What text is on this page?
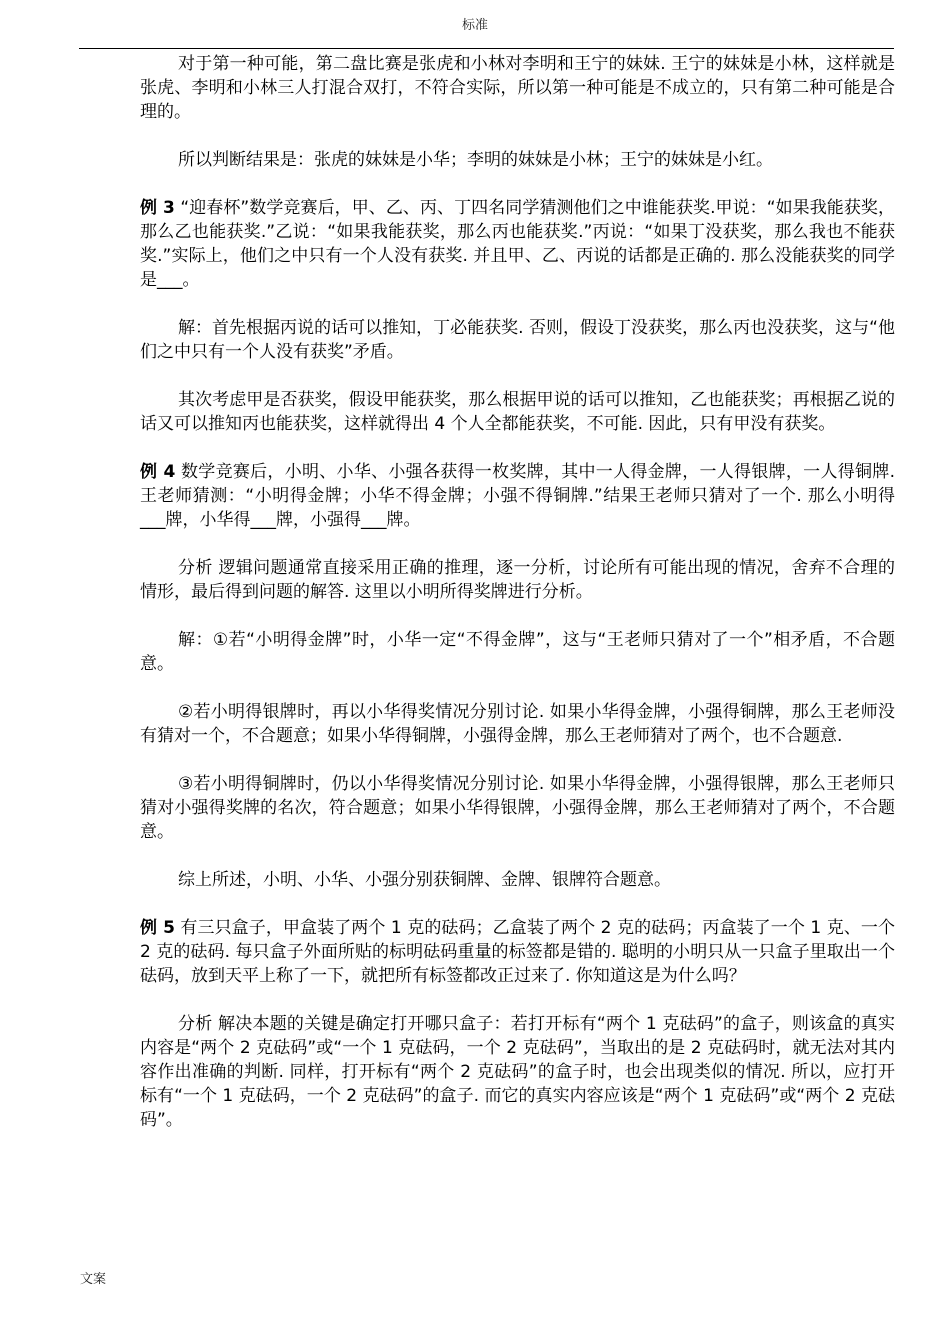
标准

对于第一种可能，第二盘比赛是张虎和小林对李明和王宁的妹妹. 王宁的妹妹是小林，这样就是张虎、李明和小林三人打混合双打，不符合实际，所以第一种可能是不成立的，只有第二种可能是合理的。

所以判断结果是：张虎的妹妹是小华；李明的妹妹是小林；王宁的妹妹是小红。

例 3 “迎春杯”数学竞赛后，甲、乙、丙、丁四名同学猜测他们之中谁能获奖.甲说：“如果我能获奖，那么乙也能获奖.”乙说：“如果我能获奖，那么丙也能获奖.”丙说：“如果丁没获奖，那么我也不能获奖.”实际上，他们之中只有一个人没有获奖. 并且甲、乙、丙说的话都是正确的. 那么没能获奖的同学是___。

解：首先根据丙说的话可以推知，丁必能获奖. 否则，假设丁没获奖，那么丙也没获奖，这与“他们之中只有一个人没有获奖”矛盾。

其次考虑甲是否获奖，假设甲能获奖，那么根据甲说的话可以推知，乙也能获奖；再根据乙说的话又可以推知丙也能获奖，这样就得出 4 个人全都能获奖，不可能. 因此，只有甲没有获奖。

例 4 数学竞赛后，小明、小华、小强各获得一枚奖牌，其中一人得金牌，一人得银牌，一人得铜牌. 王老师猜测：“小明得金牌；小华不得金牌；小强不得铜牌.”结果王老师只猜对了一个. 那么小明得___牌，小华得___牌，小强得___牌。

分析 逻辑问题通常直接采用正确的推理，逐一分析，讨论所有可能出现的情况，舍弃不合理的情形，最后得到问题的解答. 这里以小明所得奖牌进行分析。

解：①若“小明得金牌”时，小华一定“不得金牌”，这与“王老师只猜对了一个”相矛盾，不合题意。

②若小明得银牌时，再以小华得奖情况分别讨论. 如果小华得金牌，小强得铜牌，那么王老师没有猜对一个，不合题意；如果小华得铜牌，小强得金牌，那么王老师猜对了两个，也不合题意.

③若小明得铜牌时，仍以小华得奖情况分别讨论. 如果小华得金牌，小强得银牌，那么王老师只猜对小强得奖牌的名次，符合题意；如果小华得银牌，小强得金牌，那么王老师猜对了两个，不合题意。

综上所述，小明、小华、小强分别获铜牌、金牌、银牌符合题意。

例 5 有三只盒子，甲盒装了两个 1 克的砝码；乙盒装了两个 2 克的砝码；丙盒装了一个 1 克、一个 2 克的砝码. 每只盒子外面所贴的标明砝码重量的标签都是错的. 聪明的小明只从一只盒子里取出一个砝码，放到天平上称了一下，就把所有标签都改正过来了. 你知道这是为什么吗？

分析 解决本题的关键是确定打开哪只盒子：若打开标有“两个 1 克砝码”的盒子，则该盒的真实内容是“两个 2 克砝码”或“一个 1 克砝码，一个 2 克砝码”，当取出的是 2 克砝码时，就无法对其内容作出准确的判断. 同样，打开标有“两个 2 克砝码”的盒子时，也会出现类似的情况. 所以，应打开标有“一个 1 克砝码，一个 2 克砝码”的盒子. 而它的真实内容应该是“两个 1 克砝码”或“两个 2 克砝码”。

文案
